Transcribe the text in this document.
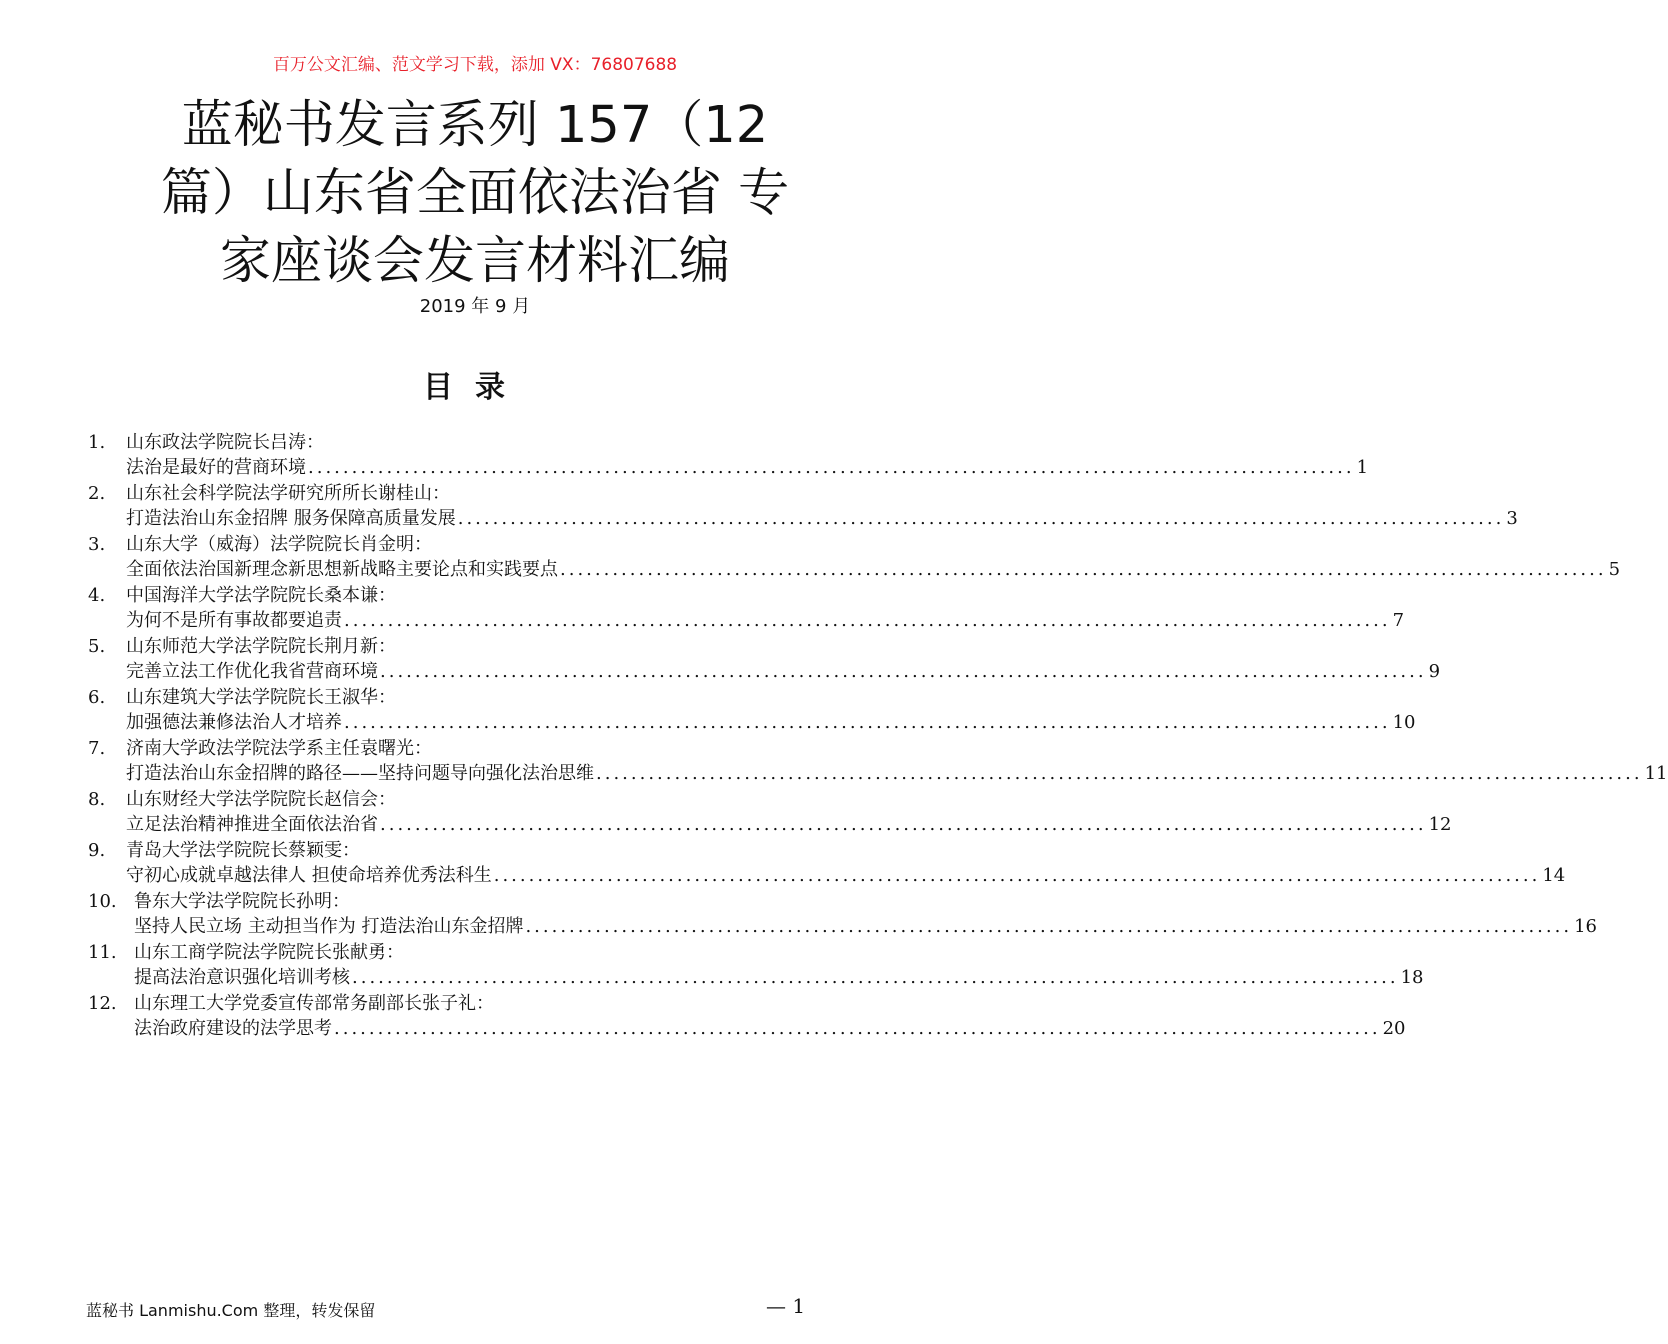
百万公文汇编、范文学习下载，添加 VX：76807688
蓝秘书发言系列 157（12
篇）山东省全面依法治省 专
家座谈会发言材料汇编
2019 年 9 月
目录
1. 山东政法学院院长吕涛：
法治是最好的营商环境 ........................................................................................................................ 1
2. 山东社会科学院法学研究所所长谢桂山：
打造法治山东金招牌 服务保障高质量发展 ........................................................................................................................ 3
3. 山东大学（威海）法学院院长肖金明：
全面依法治国新理念新思想新战略主要论点和实践要点 ........................................................................................................................ 5
4. 中国海洋大学法学院院长桑本谦：
为何不是所有事故都要追责 ........................................................................................................................ 7
5. 山东师范大学法学院院长荆月新：
完善立法工作优化我省营商环境 ........................................................................................................................ 9
6. 山东建筑大学法学院院长王淑华：
加强德法兼修法治人才培养 ........................................................................................................................ 10
7. 济南大学政法学院法学系主任袁曙光：
打造法治山东金招牌的路径——坚持问题导向强化法治思维 ........................................................................................................................ 11
8. 山东财经大学法学院院长赵信会：
立足法治精神推进全面依法治省 ........................................................................................................................ 12
9. 青岛大学法学院院长蔡颖雯：
守初心成就卓越法律人 担使命培养优秀法科生 ........................................................................................................................ 14
10. 鲁东大学法学院院长孙明：
坚持人民立场 主动担当作为 打造法治山东金招牌 ........................................................................................................................ 16
11. 山东工商学院法学院院长张献勇：
提高法治意识强化培训考核 ........................................................................................................................ 18
12. 山东理工大学党委宣传部常务副部长张子礼：
法治政府建设的法学思考 ........................................................................................................................ 20
蓝秘书 Lanmishu.Com 整理，转发保留	— 1
